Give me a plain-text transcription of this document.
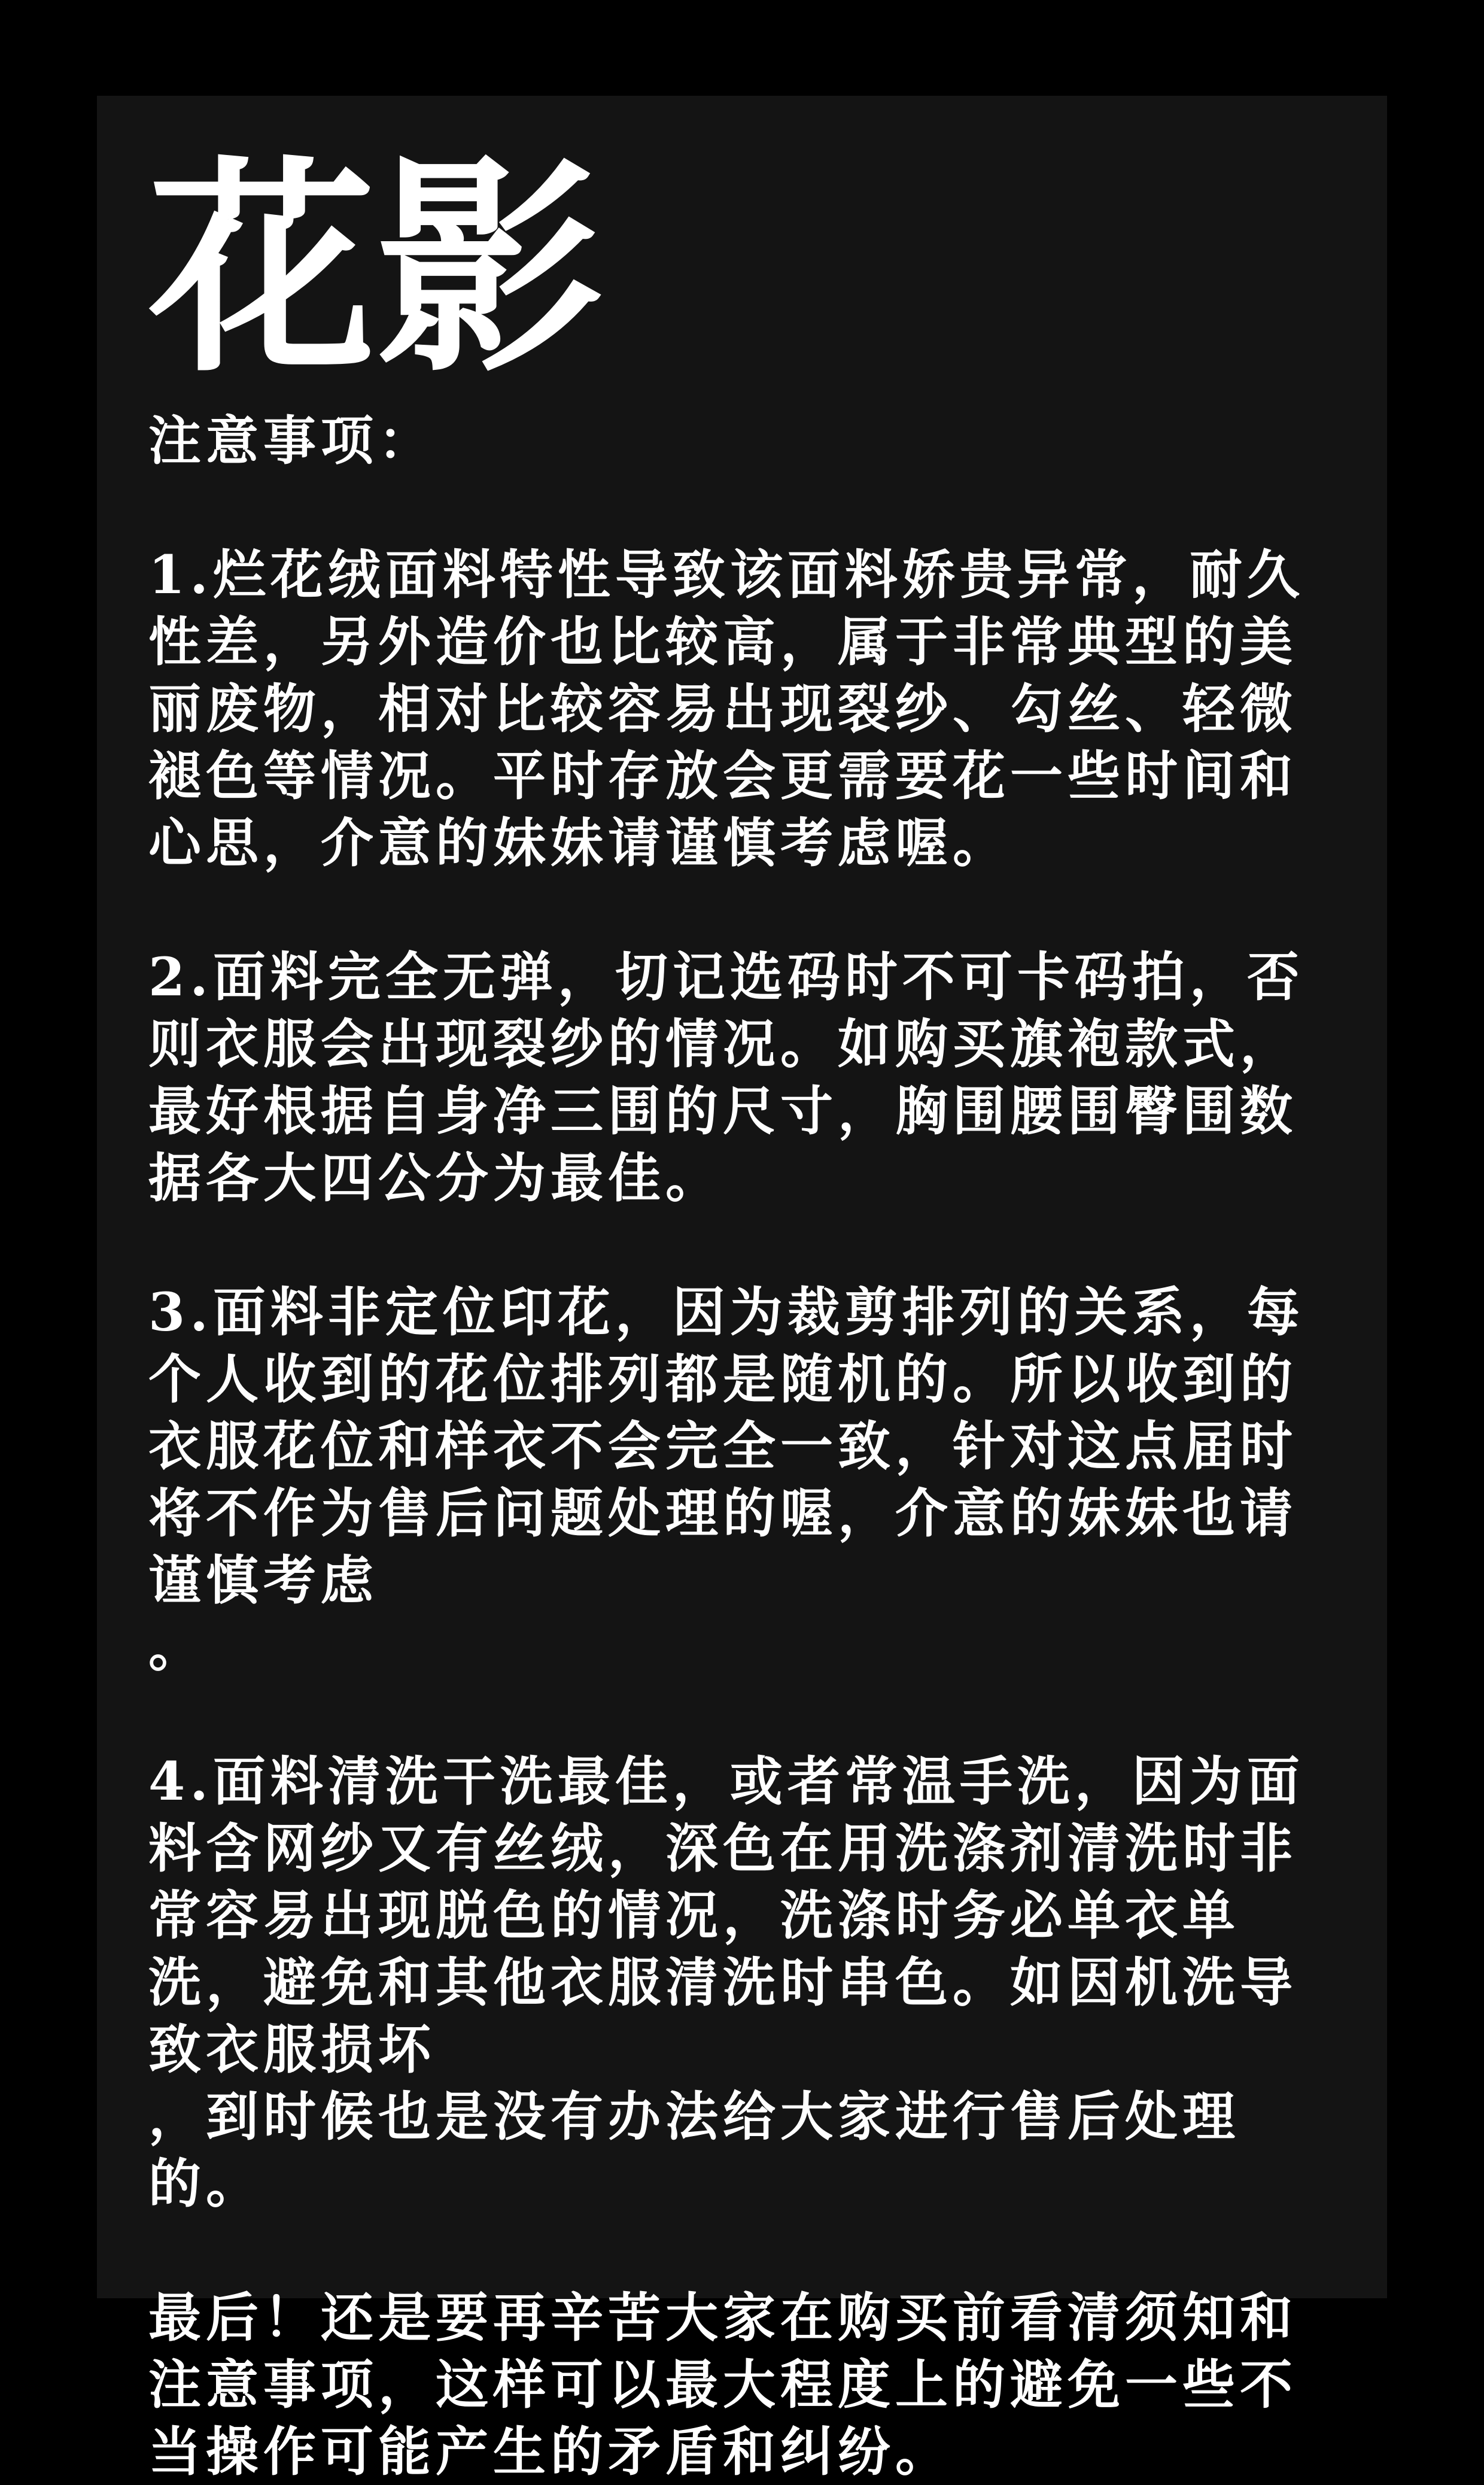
花影
注意事项：
1.烂花绒面料特性导致该面料娇贵异常，耐久性差，另外造价也比较高，属于非常典型的美丽废物，相对比较容易出现裂纱、勾丝、轻微褪色等情况。平时存放会更需要花一些时间和心思，介意的妹妹请谨慎考虑喔。
2.面料完全无弹，切记选码时不可卡码拍，否则衣服会出现裂纱的情况。如购买旗袍款式，最好根据自身净三围的尺寸，胸围腰围臀围数据各大四公分为最佳。
3.面料非定位印花，因为裁剪排列的关系，每个人收到的花位排列都是随机的。所以收到的衣服花位和样衣不会完全一致，针对这点届时将不作为售后问题处理的喔，介意的妹妹也请谨慎考虑
。
4.面料清洗干洗最佳，或者常温手洗，因为面料含网纱又有丝绒，深色在用洗涤剂清洗时非常容易出现脱色的情况，洗涤时务必单衣单洗，避免和其他衣服清洗时串色。如因机洗导致衣服损坏
，到时候也是没有办法给大家进行售后处理的。
最后！还是要再辛苦大家在购买前看清须知和注意事项，这样可以最大程度上的避免一些不当操作可能产生的矛盾和纠纷。
